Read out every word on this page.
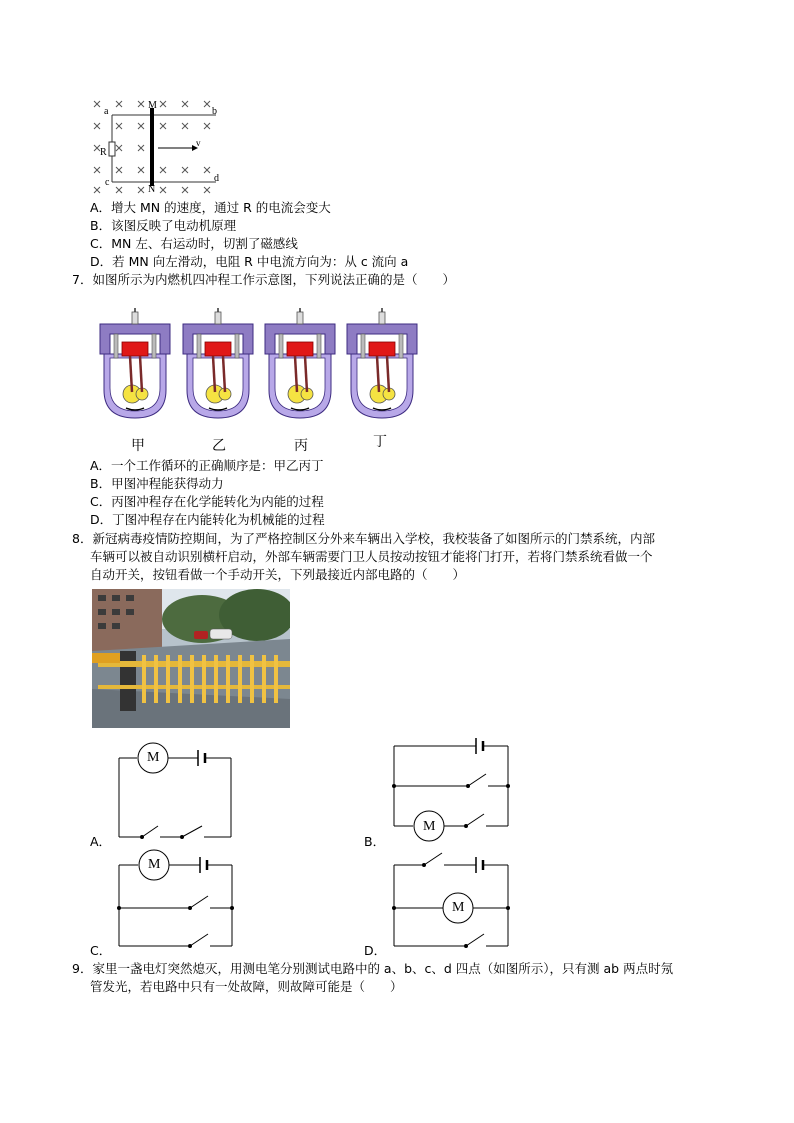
M
N
a	b
c	d
R
v
A．增大 MN 的速度，通过 R 的电流会变大
B．该图反映了电动机原理
C．MN 左、右运动时，切割了磁感线
D．若 MN 向左滑动，电阻 R 中电流方向为：从 c 流向 a
7．如图所示为内燃机四冲程工作示意图，下列说法正确的是（　　）
甲	乙	丙	丁
A．一个工作循环的正确顺序是：甲乙丙丁
B．甲图冲程能获得动力
C．丙图冲程存在化学能转化为内能的过程
D．丁图冲程存在内能转化为机械能的过程
8．新冠病毒疫情防控期间，为了严格控制区分外来车辆出入学校，我校装备了如图所示的门禁系统，内部
车辆可以被自动识别横杆启动，外部车辆需要门卫人员按动按钮才能将门打开，若将门禁系统看做一个
自动开关，按钮看做一个手动开关，下列最接近内部电路的（　　）
M
A．
M
B．
M
C．
M
D．
9．家里一盏电灯突然熄灭，用测电笔分别测试电路中的 a、b、c、d 四点（如图所示），只有测 ab 两点时氖
管发光，若电路中只有一处故障，则故障可能是（　　）
